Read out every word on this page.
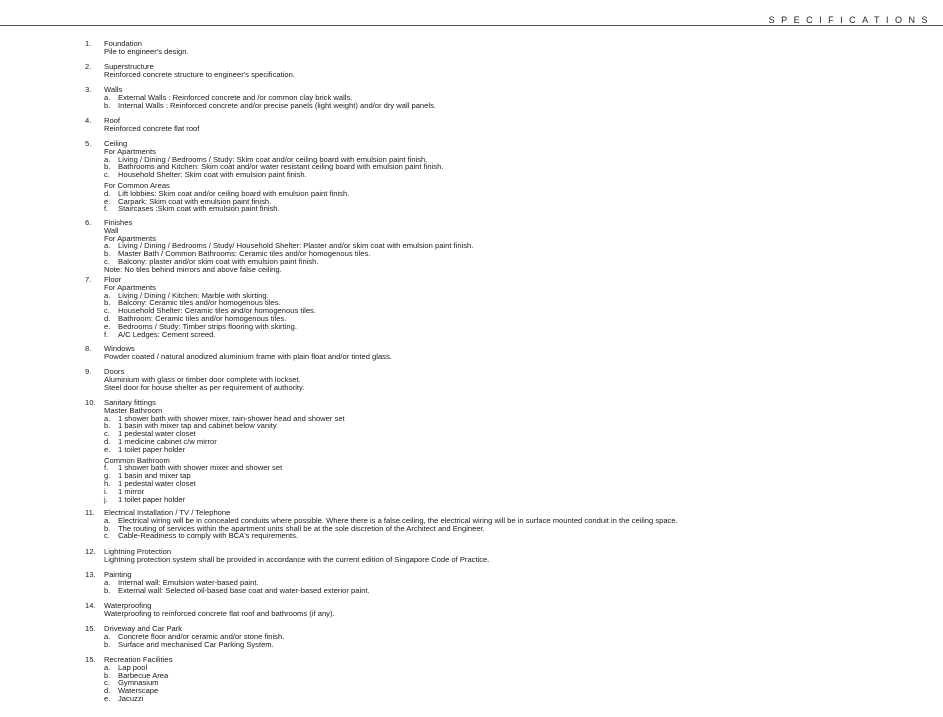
SPECIFICATIONS
1.	Foundation
Pile to engineer's design.
2.	Superstructure
Reinforced concrete structure to engineer's specification.
3.	Walls
a. External Walls : Reinforced concrete and /or common clay brick walls.
b. Internal Walls : Reinforced concrete and/or precise panels (light weight) and/or dry wall panels.
4.	Roof
Reinforced concrete flat roof
5.	Ceiling
For Apartments
a. Living / Dining / Bedrooms / Study: Skim coat and/or ceiling board with emulsion paint finish.
b. Bathrooms and Kitchen: Skim coat and/or water resistant ceiling board with emulsion paint finish.
c. Household Shelter: Skim coat with emulsion paint finish.
For Common Areas
d. Lift lobbies: Skim coat and/or ceiling board with emulsion paint finish.
e. Carpark: Skim coat with emulsion paint finish.
f. Staircases :Skim coat with emulsion paint finish.
6.	Finishes
Wall
For Apartments
a. Living / Dining / Bedrooms / Study/ Household Shelter: Plaster and/or skim coat with emulsion paint finish.
b. Master Bath / Common Bathrooms: Ceramic tiles and/or homogenous tiles.
c. Balcony: plaster and/or skim coat with emulsion paint finish.
Note: No tiles behind mirrors and above false ceiling.
7.	Floor
For Apartments
a. Living / Dining / Kitchen: Marble with skirting.
b. Balcony: Ceramic tiles and/or homogenous tiles.
c. Household Shelter: Ceramic tiles and/or homogenous tiles.
d. Bathroom: Ceramic tiles and/or homogenous tiles.
e. Bedrooms / Study: Timber strips flooring with skirting.
f. A/C Ledges: Cement screed.
8.	Windows
Powder coated / natural anodized aluminium frame with plain float and/or tinted glass.
9.	Doors
Aluminium with glass or timber door complete with lockset.
Steel door for house shelter as per requirement of authority.
10.	Sanitary fittings
Master Bathroom
a. 1 shower bath with shower mixer, rain-shower head and shower set
b. 1 basin with mixer tap and cabinet below vanity
c. 1 pedestal water closet
d. 1 medicine cabinet c/w mirror
e. 1 toilet paper holder
Common Bathroom
f. 1 shower bath with shower mixer and shower set
g. 1 basin and mixer tap
h. 1 pedestal water closet
i. 1 mirror
j. 1 toilet paper holder
11.	Electrical Installation / TV / Telephone
a. Electrical wiring will be in concealed conduits where possible. Where there is a false ceiling, the electrical wiring will be in surface mounted conduit in the ceiling space.
b. The routing of services within the apartment units shall be at the sole discretion of the Architect and Engineer.
c. Cable-Readiness to comply with BCA's requirements.
12.	Lightning Protection
Lightning protection system shall be provided in accordance with the current edition of Singapore Code of Practice.
13.	Painting
a. Internal wall: Emulsion water-based paint.
b. External wall: Selected oil-based base coat and water-based exterior paint.
14.	Waterproofing
Waterproofing to reinforced concrete flat roof and bathrooms (if any).
15.	Driveway and Car Park
a. Concrete floor and/or ceramic and/or stone finish.
b. Surface and mechanised Car Parking System.
15.	Recreation Facilities
a. Lap pool
b. Barbecue Area
c. Gymnasium
d. Waterscape
e. Jacuzzi
